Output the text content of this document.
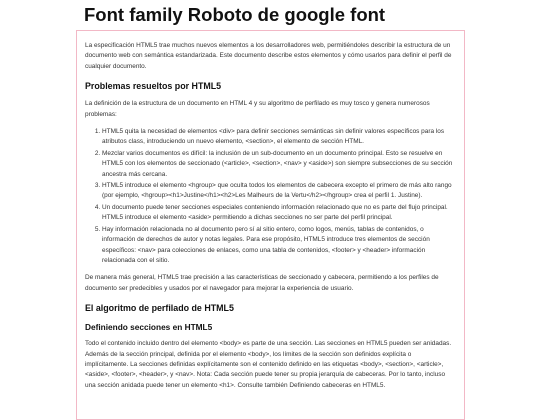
Font family Roboto de google font

La especificación HTML5 trae muchos nuevos elementos a los desarrolladores web, permitiéndoles describir la estructura de un documento web con semántica estandarizada. Este documento describe estos elementos y cómo usarlos para definir el perfil de cualquier documento.

Problemas resueltos por HTML5

La definición de la estructura de un documento en HTML 4 y su algoritmo de perfilado es muy tosco y genera numerosos problemas:

1. HTML5 quita la necesidad de elementos <div> para definir secciones semánticas sin definir valores específicos para los atributos class, introduciendo un nuevo elemento, <section>, el elemento de sección HTML.
2. Mezclar varios documentos es difícil: la inclusión de un sub-documento en un documento principal. Esto se resuelve en HTML5 con los elementos de seccionado (<article>, <section>, <nav> y <aside>) son siempre subsecciones de su sección ancestra más cercana.
3. HTML5 introduce el elemento <hgroup> que oculta todos los elementos de cabecera excepto el primero de más alto rango (por ejemplo, <hgroup><h1>Justine</h1><h2>Les Malheurs de la Vertu</h2></hgroup> crea el perfil 1. Justine).
4. Un documento puede tener secciones especiales conteniendo información relacionado que no es parte del flujo principal. HTML5 introduce el elemento <aside> permitiendo a dichas secciones no ser parte del perfil principal.
5. Hay información relacionada no al documento pero sí al sitio entero, como logos, menús, tablas de contenidos, o información de derechos de autor y notas legales. Para ese propósito, HTML5 introduce tres elementos de sección específicos: <nav> para colecciones de enlaces, como una tabla de contenidos, <footer> y <header> información relacionada con el sitio.

De manera más general, HTML5 trae precisión a las características de seccionado y cabecera, permitiendo a los perfiles de documento ser predecibles y usados por el navegador para mejorar la experiencia de usuario.

El algoritmo de perfilado de HTML5
Definiendo secciones en HTML5

Todo el contenido incluido dentro del elemento <body> es parte de una sección. Las secciones en HTML5 pueden ser anidadas. Además de la sección principal, definida por el elemento <body>, los límites de la sección son definidos explícita o implícitamente. La secciones definidas explícitamente son el contenido definido en las etiquetas <body>, <section>, <article>, <aside>, <footer>, <header>, y <nav>. Nota: Cada sección puede tener su propia jerarquía de cabeceras. Por lo tanto, incluso una sección anidada puede tener un elemento <h1>. Consulte también Definiendo cabeceras en HTML5.
